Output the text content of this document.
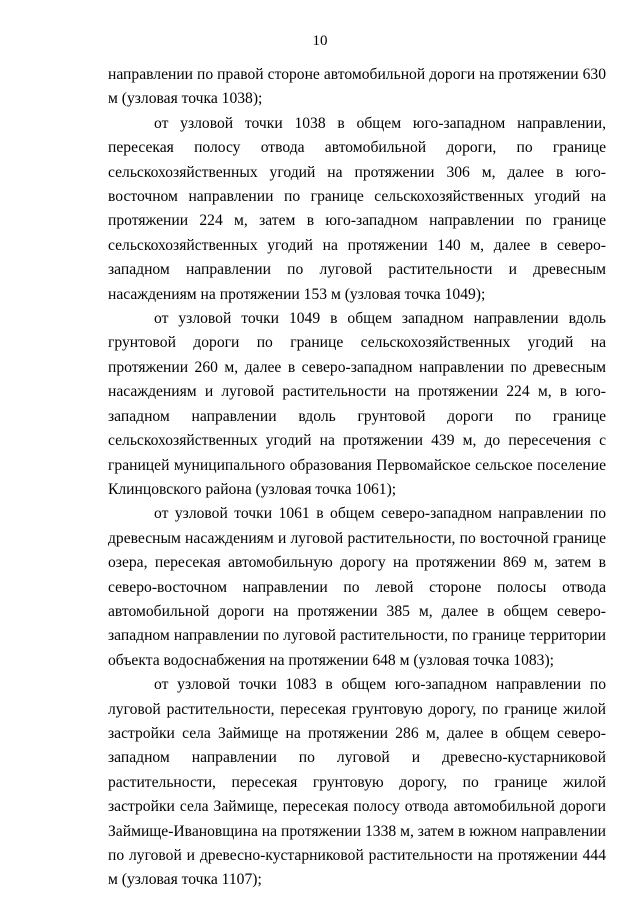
10

направлении по правой стороне автомобильной дороги на протяжении 630 м (узловая точка 1038);

от узловой точки 1038 в общем юго-западном направлении, пересекая полосу отвода автомобильной дороги, по границе сельскохозяйственных угодий на протяжении 306 м, далее в юго-восточном направлении по границе сельскохозяйственных угодий на протяжении 224 м, затем в юго-западном направлении по границе сельскохозяйственных угодий на протяжении 140 м, далее в северо-западном направлении по луговой растительности и древесным насаждениям на протяжении 153 м (узловая точка 1049);

от узловой точки 1049 в общем западном направлении вдоль грунтовой дороги по границе сельскохозяйственных угодий на протяжении 260 м, далее в северо-западном направлении по древесным насаждениям и луговой растительности на протяжении 224 м, в юго-западном направлении вдоль грунтовой дороги по границе сельскохозяйственных угодий на протяжении 439 м, до пересечения с границей муниципального образования Первомайское сельское поселение Клинцовского района (узловая точка 1061);

от узловой точки 1061 в общем северо-западном направлении по древесным насаждениям и луговой растительности, по восточной границе озера, пересекая автомобильную дорогу на протяжении 869 м, затем в северо-восточном направлении по левой стороне полосы отвода автомобильной дороги на протяжении 385 м, далее в общем северо-западном направлении по луговой растительности, по границе территории объекта водоснабжения на протяжении 648 м (узловая точка 1083);

от узловой точки 1083 в общем юго-западном направлении по луговой растительности, пересекая грунтовую дорогу, по границе жилой застройки села Займище на протяжении 286 м, далее в общем северо-западном направлении по луговой и древесно-кустарниковой растительности, пересекая грунтовую дорогу, по границе жилой застройки села Займище, пересекая полосу отвода автомобильной дороги Займище-Ивановщина на протяжении 1338 м, затем в южном направлении по луговой и древесно-кустарниковой растительности на протяжении 444 м (узловая точка 1107);
